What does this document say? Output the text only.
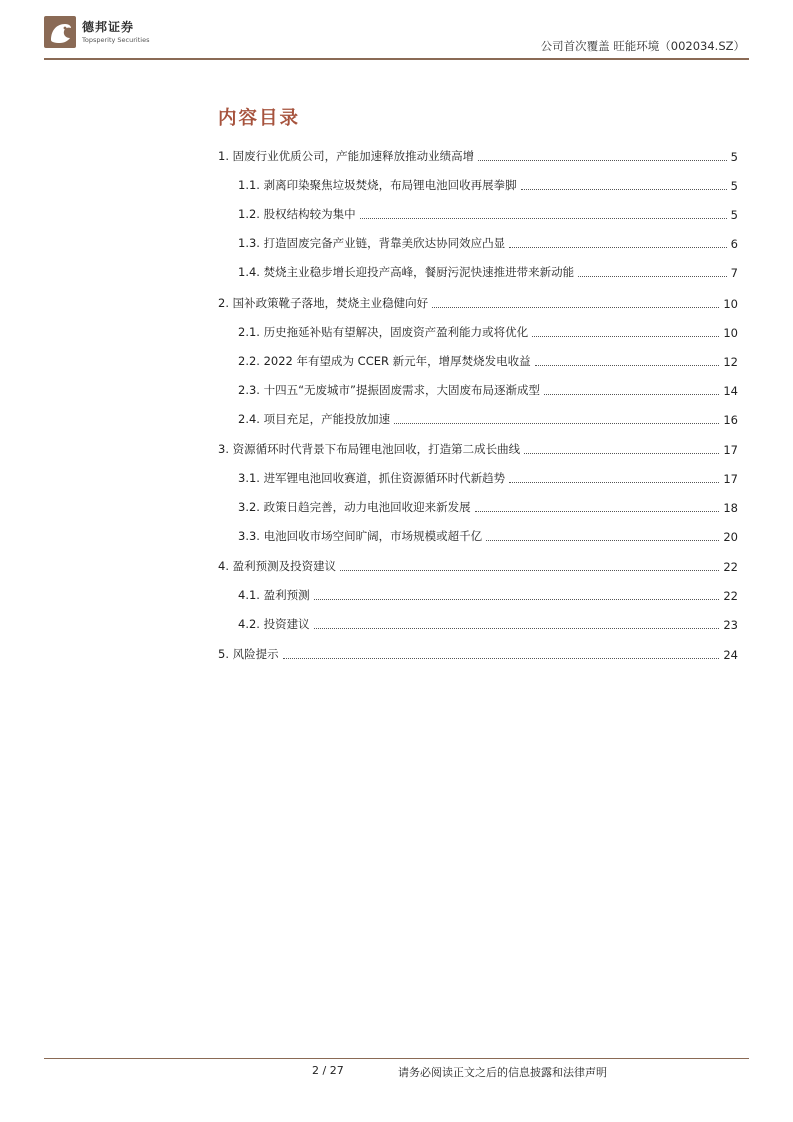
德邦证券
Topsperity Securities	公司首次覆盖 旺能环境（002034.SZ）
内容目录
1. 固废行业优质公司，产能加速释放推动业绩高增	5
1.1. 剥离印染聚焦垃圾焚烧，布局锂电池回收再展拳脚	5
1.2. 股权结构较为集中	5
1.3. 打造固废完备产业链，背靠美欣达协同效应凸显	6
1.4. 焚烧主业稳步增长迎投产高峰，餐厨污泥快速推进带来新动能	7
2. 国补政策靴子落地，焚烧主业稳健向好	10
2.1. 历史拖延补贴有望解决，固废资产盈利能力或将优化	10
2.2. 2022 年有望成为 CCER 新元年，增厚焚烧发电收益	12
2.3. 十四五“无废城市”提振固废需求，大固废布局逐渐成型	14
2.4. 项目充足，产能投放加速	16
3. 资源循环时代背景下布局锂电池回收，打造第二成长曲线	17
3.1. 进军锂电池回收赛道，抓住资源循环时代新趋势	17
3.2. 政策日趋完善，动力电池回收迎来新发展	18
3.3. 电池回收市场空间旷阔，市场规模或超千亿	20
4. 盈利预测及投资建议	22
4.1. 盈利预测	22
4.2. 投资建议	23
5. 风险提示	24
2 / 27	请务必阅读正文之后的信息披露和法律声明
